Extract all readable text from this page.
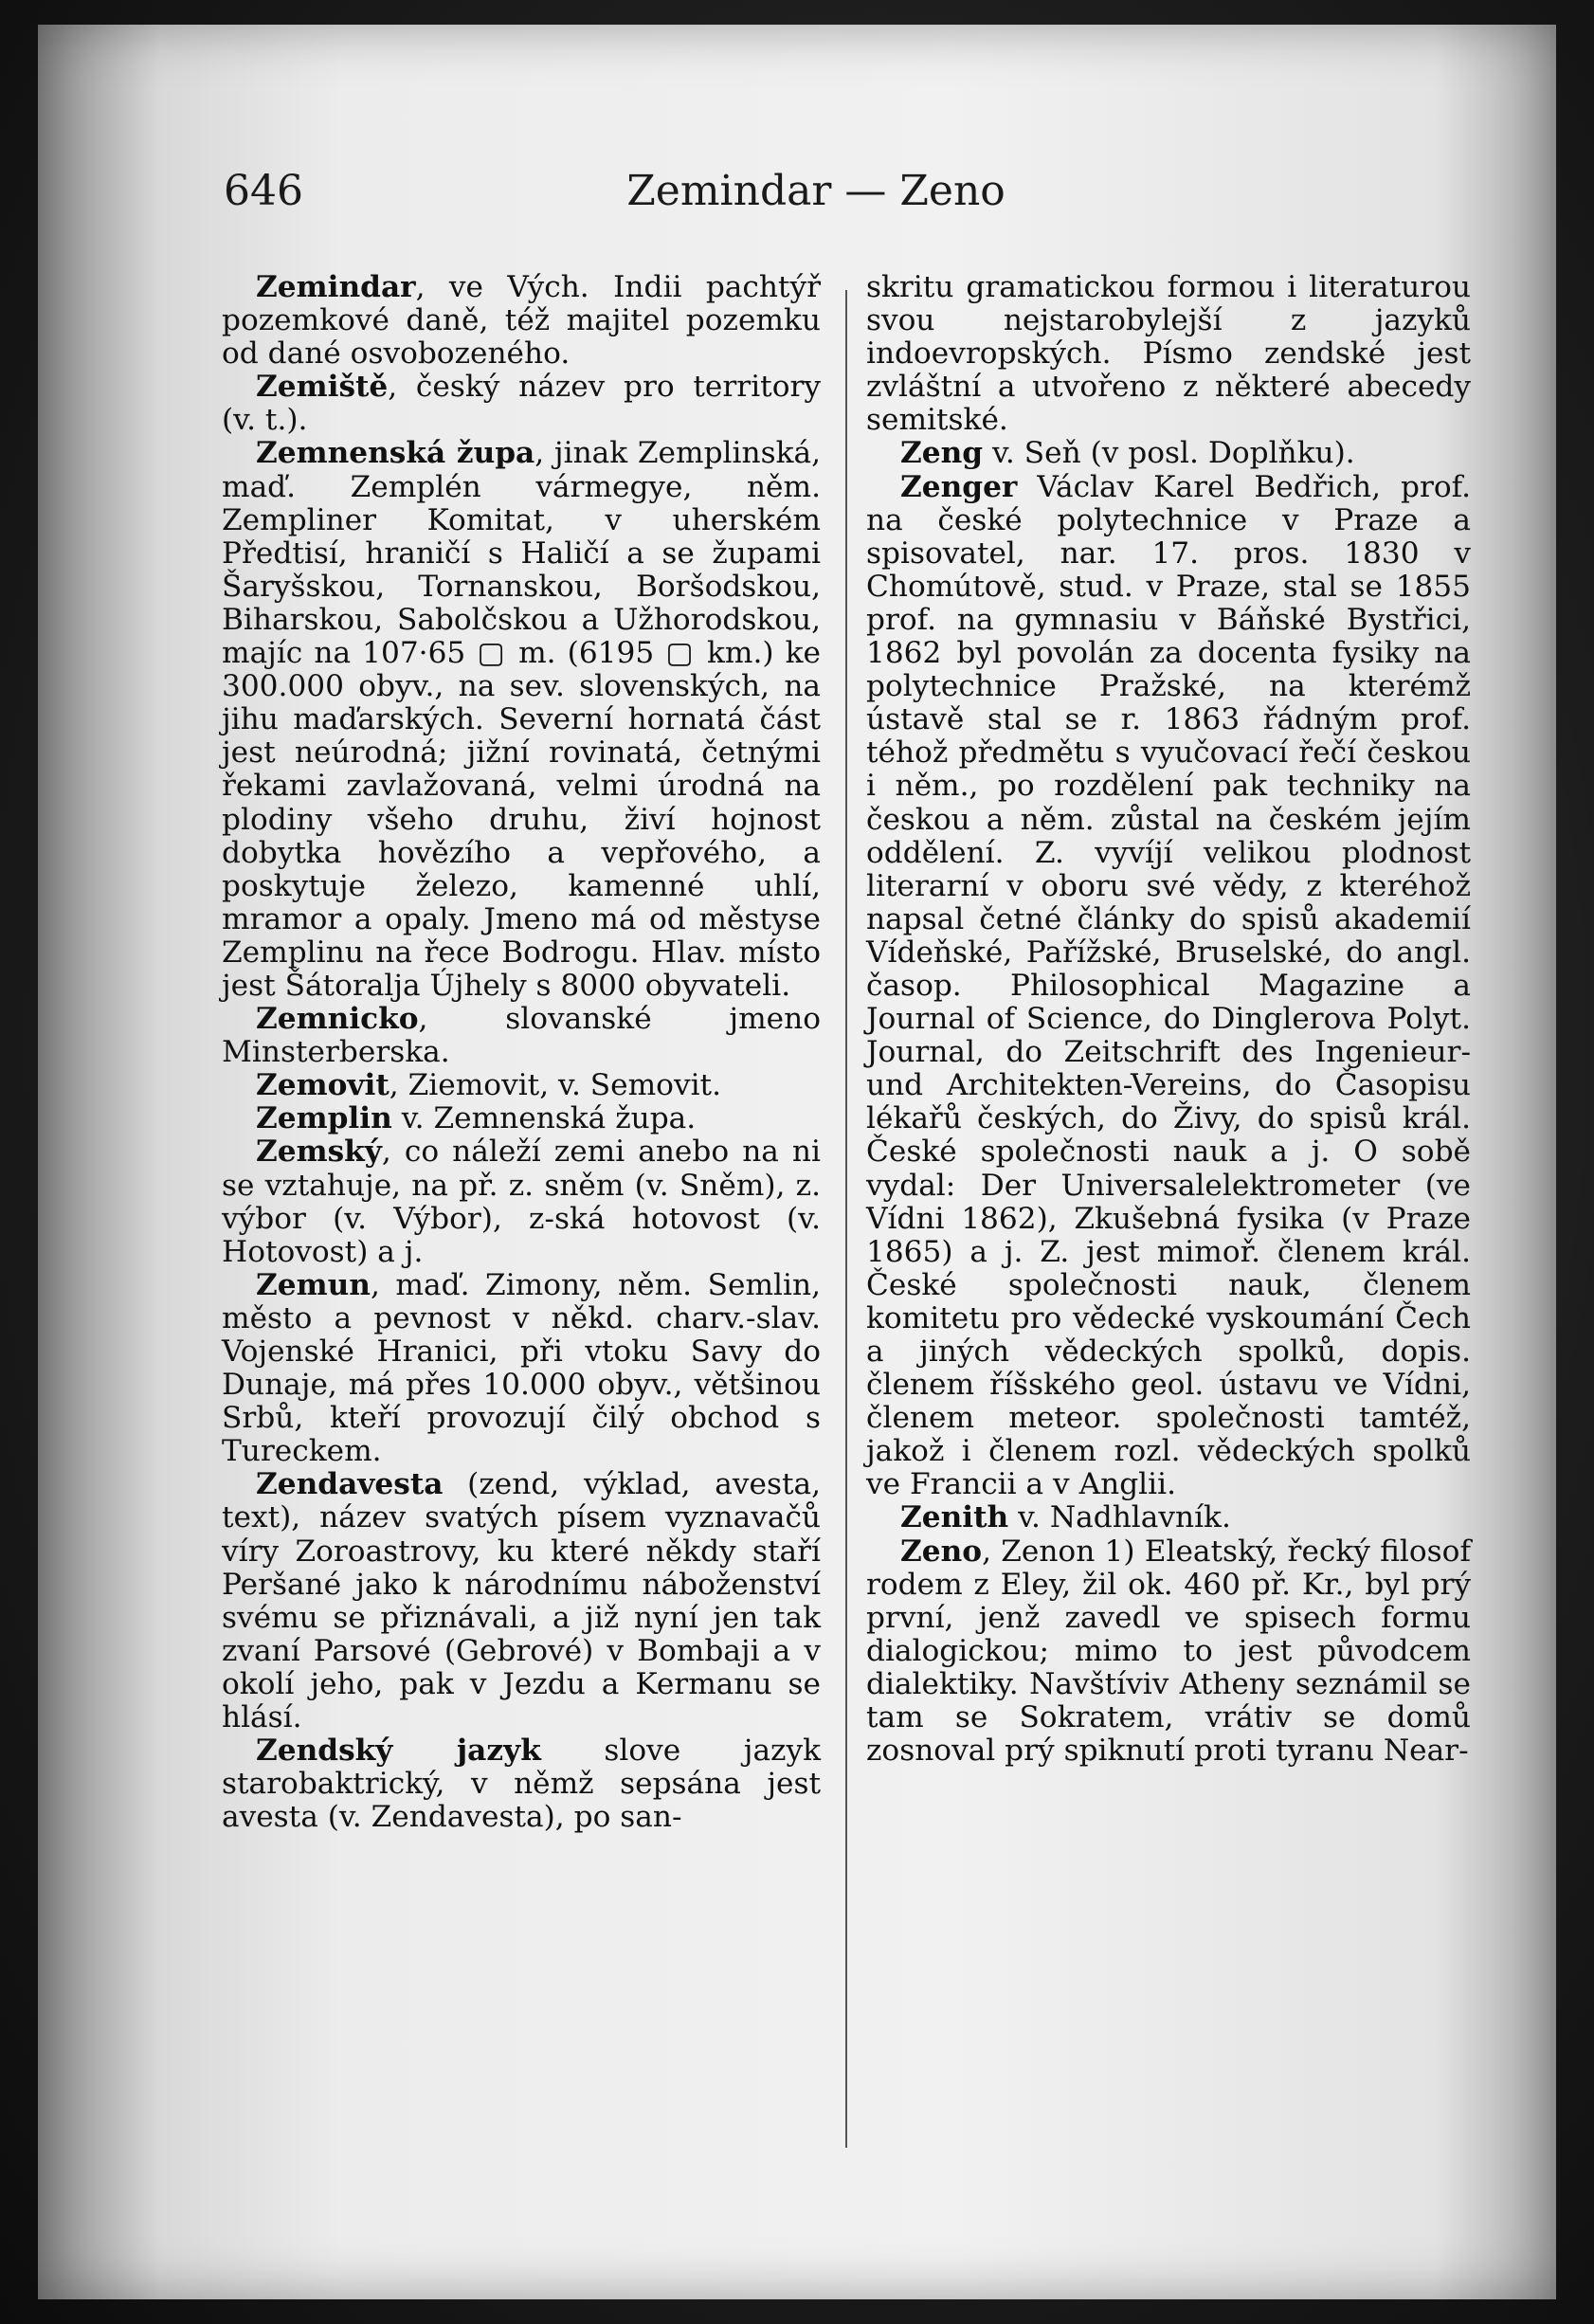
646	Zemindar — Zeno

Zemindar, ve Vých. Indii pachtýř pozemkové daně, též majitel pozemku od dané osvobozeného.

Zemiště, český název pro territory (v. t.).

Zemnenská župa, jinak Zemplinská, maď. Zemplén vármegye, něm. Zempliner Komitat, v uherském Předtisí, hraničí s Haličí a se župami Šaryšskou, Tornanskou, Boršodskou, Biharskou, Sabolčskou a Užhorodskou, majíc na 107·65 ▢ m. (6195 ▢ km.) ke 300.000 obyv., na sev. slovenských, na jihu maďarských. Severní hornatá část jest neúrodná; jižní rovinatá, četnými řekami zavlažovaná, velmi úrodná na plodiny všeho druhu, živí hojnost dobytka hovězího a vepřového, a poskytuje železo, kamenné uhlí, mramor a opaly. Jmeno má od městyse Zemplinu na řece Bodrogu. Hlav. místo jest Šátoralja Újhely s 8000 obyvateli.

Zemnicko, slovanské jmeno Minsterberska.

Zemovit, Ziemovit, v. Semovit.

Zemplin v. Zemnenská župa.

Zemský, co náleží zemi anebo na ni se vztahuje, na př. z. sněm (v. Sněm), z. výbor (v. Výbor), z-ská hotovost (v. Hotovost) a j.

Zemun, maď. Zimony, něm. Semlin, město a pevnost v někd. charv.-slav. Vojenské Hranici, při vtoku Savy do Dunaje, má přes 10.000 obyv., většinou Srbů, kteří provozují čilý obchod s Tureckem.

Zendavesta (zend, výklad, avesta, text), název svatých písem vyznavačů víry Zoroastrovy, ku které někdy staří Peršané jako k národnímu náboženství svému se přiznávali, a již nyní jen tak zvaní Parsové (Gebrové) v Bombaji a v okolí jeho, pak v Jezdu a Kermanu se hlásí.

Zendský jazyk slove jazyk starobaktrický, v němž sepsána jest avesta (v. Zendavesta), po san-

skritu gramatickou formou i literaturou svou nejstarobylejší z jazyků indoevropských. Písmo zendské jest zvláštní a utvořeno z některé abecedy semitské.

Zeng v. Seň (v posl. Doplňku).

Zenger Václav Karel Bedřich, prof. na české polytechnice v Praze a spisovatel, nar. 17. pros. 1830 v Chomútově, stud. v Praze, stal se 1855 prof. na gymnasiu v Báňské Bystřici, 1862 byl povolán za docenta fysiky na polytechnice Pražské, na kterémž ústavě stal se r. 1863 řádným prof. téhož předmětu s vyučovací řečí českou i něm., po rozdělení pak techniky na českou a něm. zůstal na českém jejím oddělení. Z. vyvíjí velikou plodnost literarní v oboru své vědy, z kteréhož napsal četné články do spisů akademií Vídeňské, Pařížské, Bruselské, do angl. časop. Philosophical Magazine a Journal of Science, do Dinglerova Polyt. Journal, do Zeitschrift des Ingenieur- und Architekten-Vereins, do Časopisu lékařů českých, do Živy, do spisů král. České společnosti nauk a j. O sobě vydal: Der Universalelektrometer (ve Vídni 1862), Zkušebná fysika (v Praze 1865) a j. Z. jest mimoř. členem král. České společnosti nauk, členem komitetu pro vědecké vyskoumání Čech a jiných vědeckých spolků, dopis. členem říšského geol. ústavu ve Vídni, členem meteor. společnosti tamtéž, jakož i členem rozl. vědeckých spolků ve Francii a v Anglii.

Zenith v. Nadhlavník.

Zeno, Zenon 1) Eleatský, řecký filosof rodem z Eley, žil ok. 460 př. Kr., byl prý první, jenž zavedl ve spisech formu dialogickou; mimo to jest původcem dialektiky. Navštíviv Atheny seznámil se tam se Sokratem, vrátiv se domů zosnoval prý spiknutí proti tyranu Near-
